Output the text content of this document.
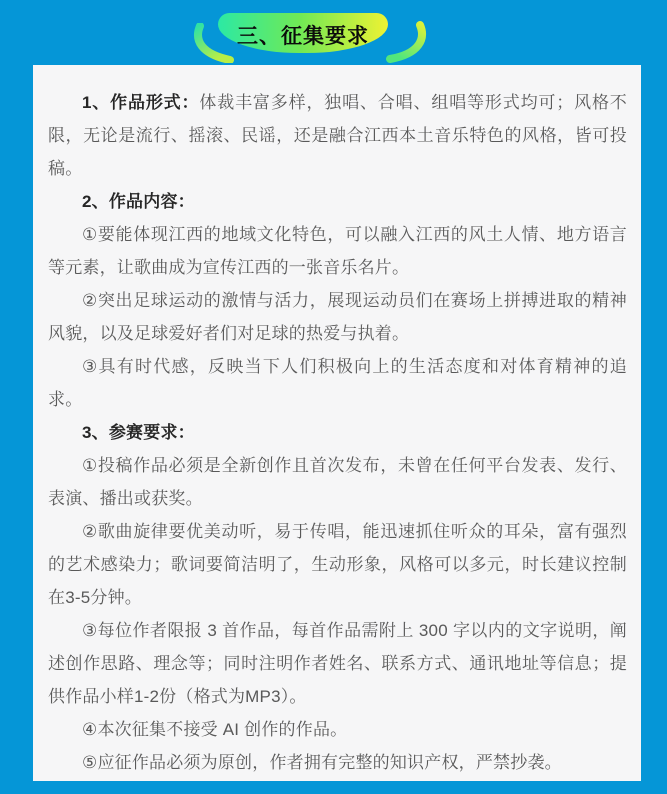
三、征集要求

1、作品形式：体裁丰富多样，独唱、合唱、组唱等形式均可；风格不限，无论是流行、摇滚、民谣，还是融合江西本土音乐特色的风格，皆可投稿。

2、作品内容：

①要能体现江西的地域文化特色，可以融入江西的风土人情、地方语言等元素，让歌曲成为宣传江西的一张音乐名片。

②突出足球运动的激情与活力，展现运动员们在赛场上拼搏进取的精神风貌，以及足球爱好者们对足球的热爱与执着。

③具有时代感，反映当下人们积极向上的生活态度和对体育精神的追求。

3、参赛要求：

①投稿作品必须是全新创作且首次发布，未曾在任何平台发表、发行、表演、播出或获奖。

②歌曲旋律要优美动听，易于传唱，能迅速抓住听众的耳朵，富有强烈的艺术感染力；歌词要简洁明了，生动形象，风格可以多元，时长建议控制在3-5分钟。

③每位作者限报 3 首作品，每首作品需附上 300 字以内的文字说明，阐述创作思路、理念等；同时注明作者姓名、联系方式、通讯地址等信息；提供作品小样1-2份（格式为MP3）。

④本次征集不接受 AI 创作的作品。

⑤应征作品必须为原创，作者拥有完整的知识产权，严禁抄袭。
